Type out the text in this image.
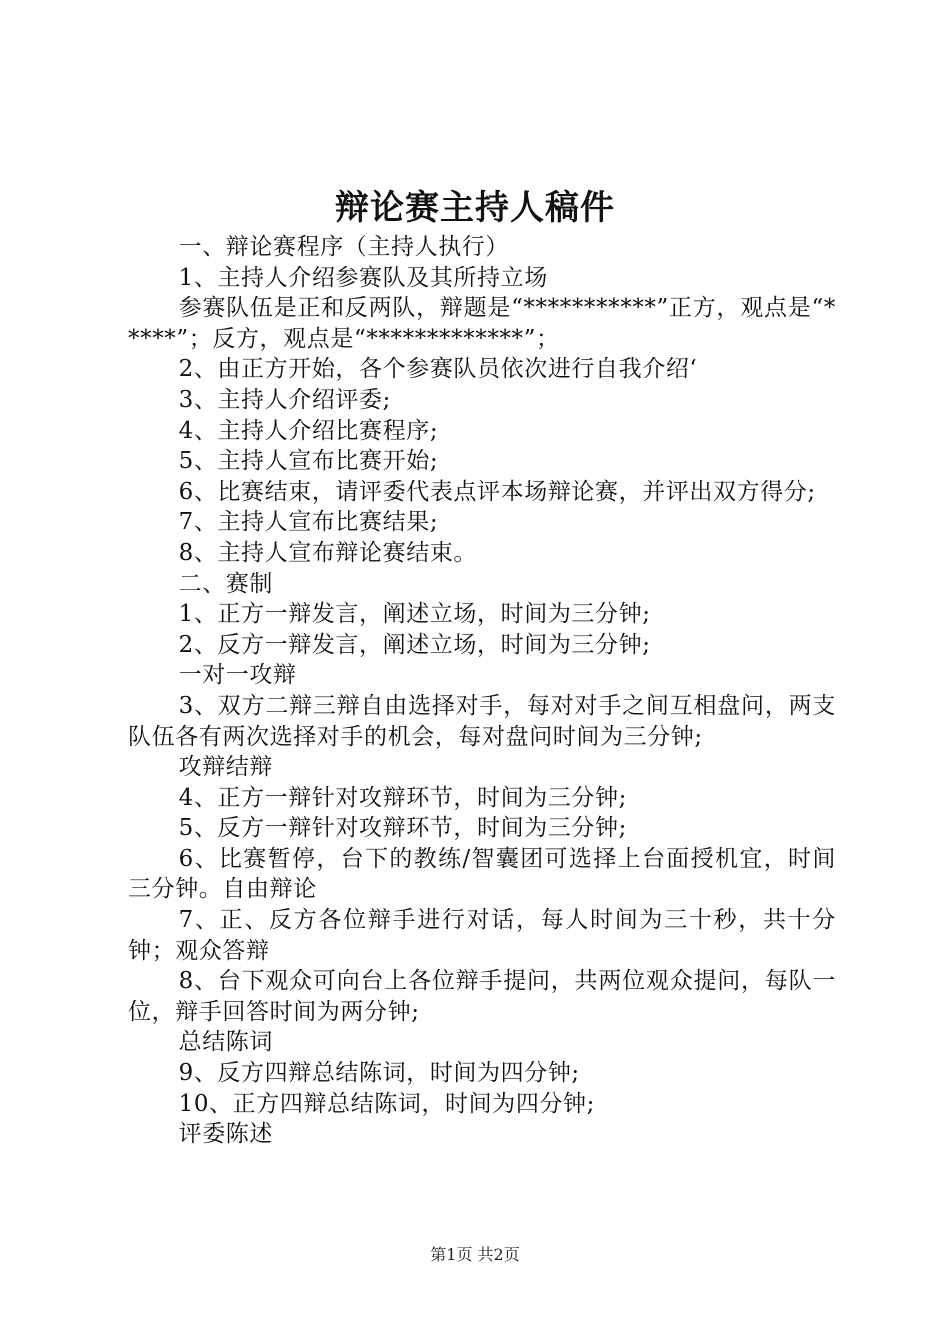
辩论赛主持人稿件

一、辩论赛程序（主持人执行）

1、主持人介绍参赛队及其所持立场

参赛队伍是正和反两队，辩题是“***********”正方，观点是“*****”；反方，观点是“*************”；

2、由正方开始，各个参赛队员依次进行自我介绍‘

3、主持人介绍评委;

4、主持人介绍比赛程序;

5、主持人宣布比赛开始;

6、比赛结束，请评委代表点评本场辩论赛，并评出双方得分;

7、主持人宣布比赛结果;

8、主持人宣布辩论赛结束。

二、赛制

1、正方一辩发言，阐述立场，时间为三分钟;

2、反方一辩发言，阐述立场，时间为三分钟;

一对一攻辩

3、双方二辩三辩自由选择对手，每对对手之间互相盘问，两支队伍各有两次选择对手的机会，每对盘问时间为三分钟;

攻辩结辩

4、正方一辩针对攻辩环节，时间为三分钟;

5、反方一辩针对攻辩环节，时间为三分钟;

6、比赛暂停，台下的教练/智囊团可选择上台面授机宜，时间三分钟。自由辩论

7、正、反方各位辩手进行对话，每人时间为三十秒，共十分钟；观众答辩

8、台下观众可向台上各位辩手提问，共两位观众提问，每队一位，辩手回答时间为两分钟;

总结陈词

9、反方四辩总结陈词，时间为四分钟;

10、正方四辩总结陈词，时间为四分钟;

评委陈述

第1页 共2页
